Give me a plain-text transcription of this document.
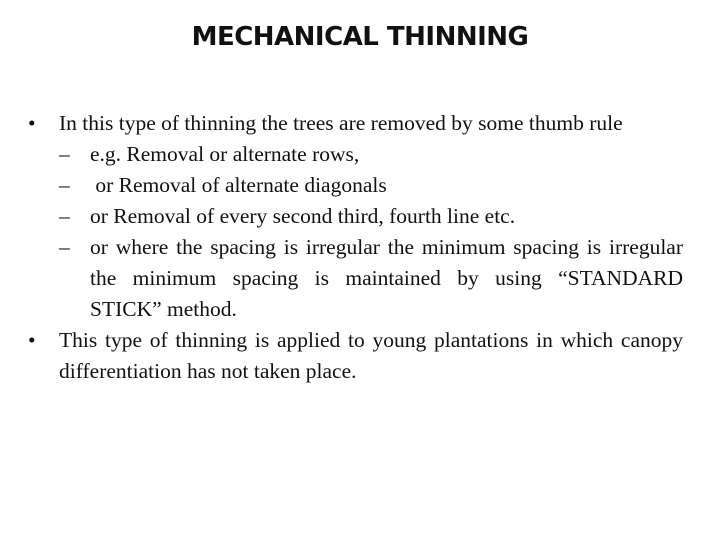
MECHANICAL THINNING
• In this type of thinning the trees are removed by some thumb rule
– e.g. Removal or alternate rows,
– or Removal of alternate diagonals
– or Removal of every second third, fourth line etc.
– or where the spacing is irregular the minimum spacing is irregular the minimum spacing is maintained by using “STANDARD STICK” method.
• This type of thinning is applied to young plantations in which canopy differentiation has not taken place.
